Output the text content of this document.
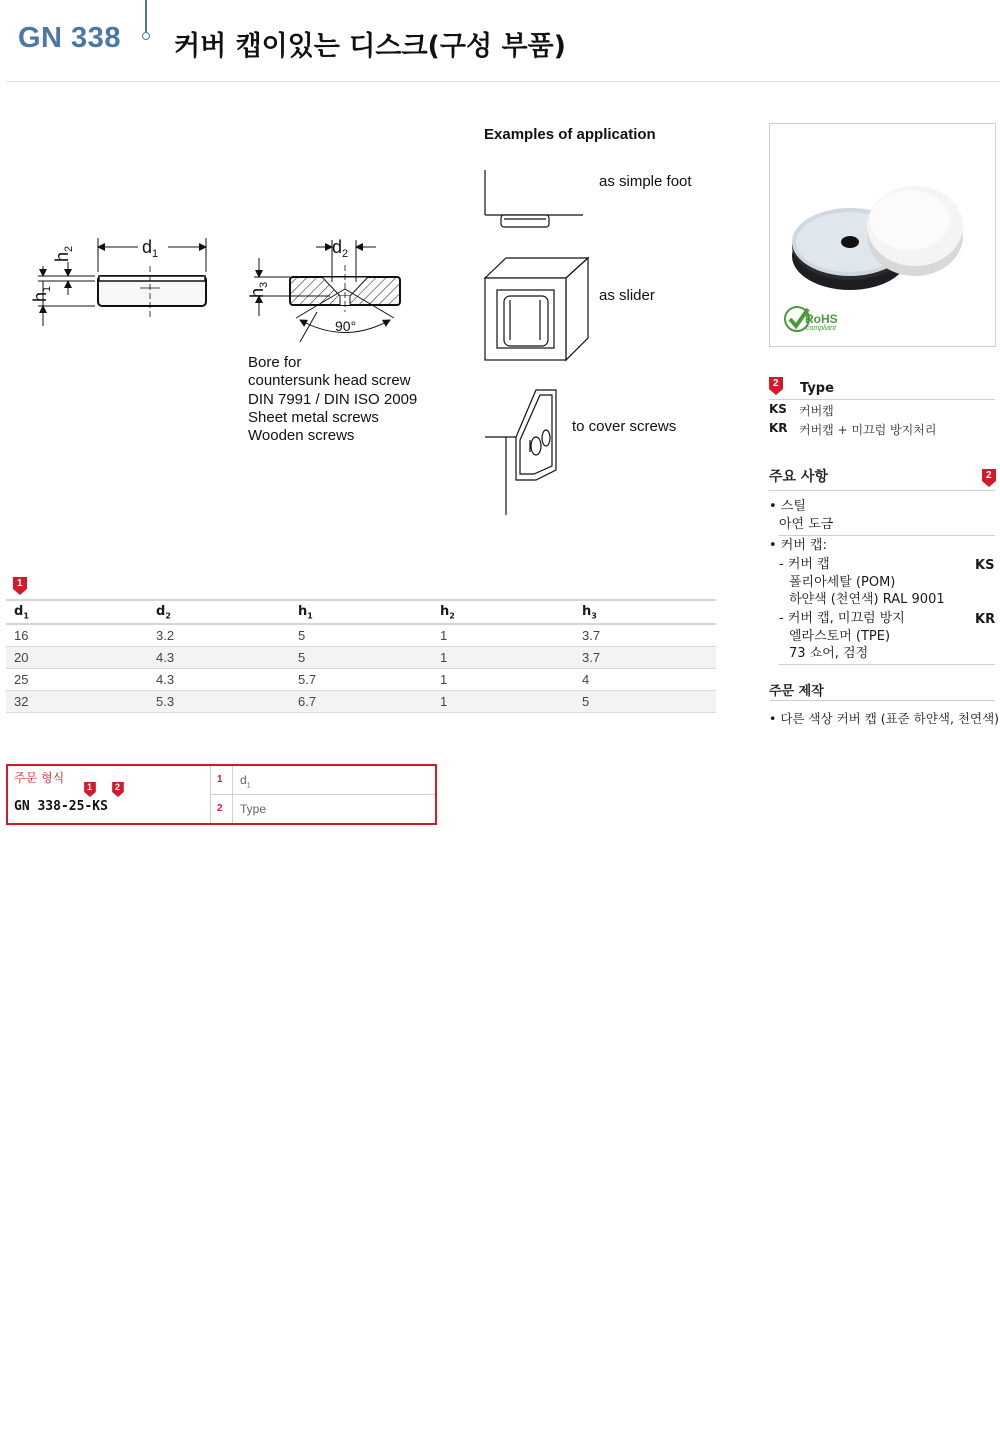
GN 338 커버 캡이있는 디스크(구성 부품)
d 1
h
1
h
2	d 2
h
3
90°
Bore for
countersunk head screw
DIN 7991 / DIN ISO 2009
Sheet metal screws
Wooden screws
Examples of application
as simple foot
as slider
to cover screws
RoHS
compliant
2 Type
KS 커버캡
KR 커버캡 + 미끄럼 방지처리
주요 사항	2
• 스틸
아연 도금
• 커버 캡:
- 커버 캡
폴리아세탈 (POM)
하얀색 (천연색) RAL 9001
KS
- 커버 캡, 미끄럼 방지
엘라스토머 (TPE)
73 쇼어, 검정
KR
주문 제작
• 다른 색상 커버 캡 (표준 하얀색, 천연색)
1
$d_1$	$d_2$	$h_1$	$h_2$	$h_3$
16	3.2	5	1	3.7
20	4.3	5	1	3.7
25	4.3	5.7	1	4
32	5.3	6.7	1	5
주문 형식
1	2
GN 338-25-KS
1 $d_1$
2 Type
